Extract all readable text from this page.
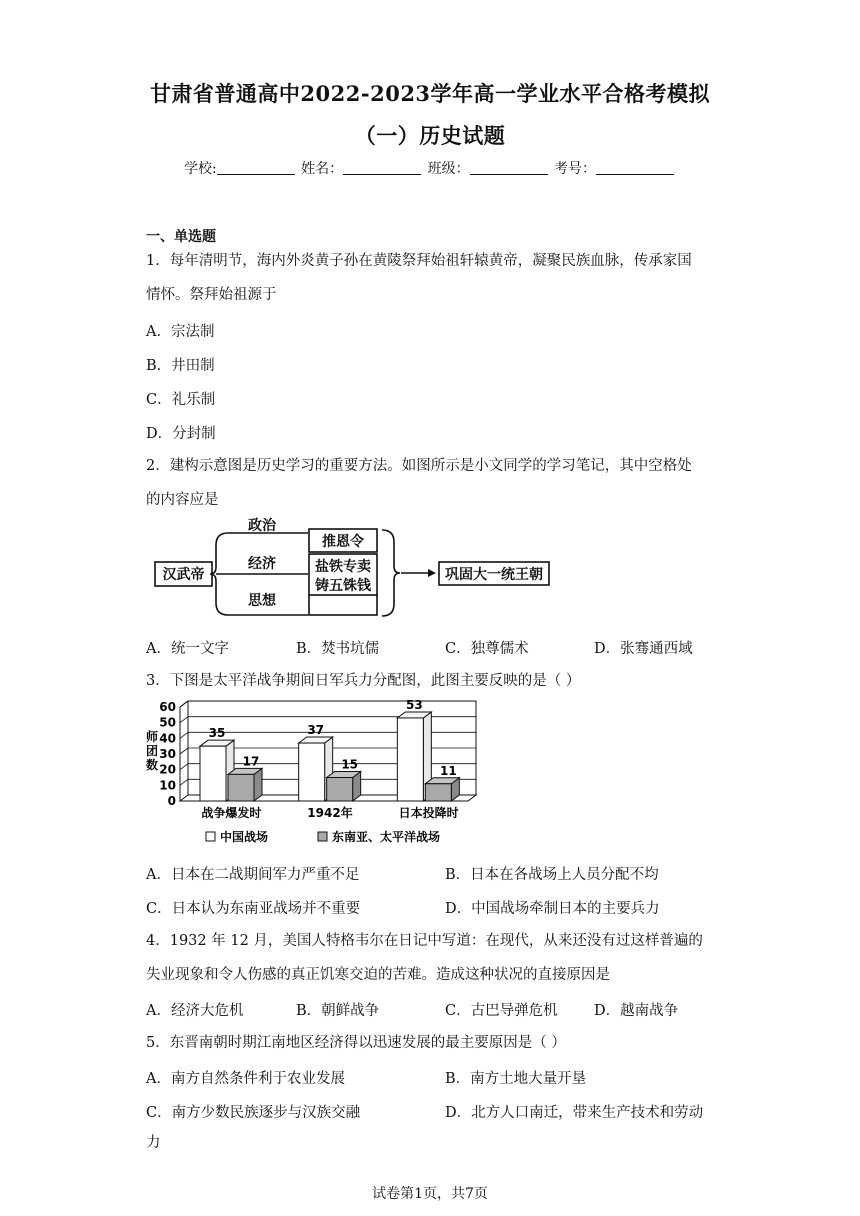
甘肃省普通高中2022-2023学年高一学业水平合格考模拟
（一）历史试题
学校:	姓名：	班级：	考号：
一、单选题
1．每年清明节，海内外炎黄子孙在黄陵祭拜始祖轩辕黄帝，凝聚民族血脉，传承家国
情怀。祭拜始祖源于
A．宗法制
B．井田制
C．礼乐制
D．分封制
2．建构示意图是历史学习的重要方法。如图所示是小文同学的学习笔记，其中空格处
的内容应是
汉武帝
政治
经济
思想
推恩令
盐铁专卖
铸五铢钱
巩固大一统王朝
A．统一文字	B．焚书坑儒	C．独尊儒术	D．张骞通西域
3．下图是太平洋战争期间日军兵力分配图，此图主要反映的是（ ）
0
10
20
30
40
50
60
35
17
37
15
53
11
战争爆发时	1942年	日本投降时
师团数
中国战场	东南亚、太平洋战场
A．日本在二战期间军力严重不足	B．日本在各战场上人员分配不均
C．日本认为东南亚战场并不重要	D．中国战场牵制日本的主要兵力
4．1932 年 12 月，美国人特格韦尔在日记中写道：在现代，从来还没有过这样普遍的
失业现象和令人伤感的真正饥寒交迫的苦难。造成这种状况的直接原因是
A．经济大危机	B．朝鲜战争	C．古巴导弹危机	D．越南战争
5．东晋南朝时期江南地区经济得以迅速发展的最主要原因是（ ）
A．南方自然条件利于农业发展	B．南方土地大量开垦
C．南方少数民族逐步与汉族交融	D．北方人口南迁，带来生产技术和劳动
力
试卷第1页，共7页
